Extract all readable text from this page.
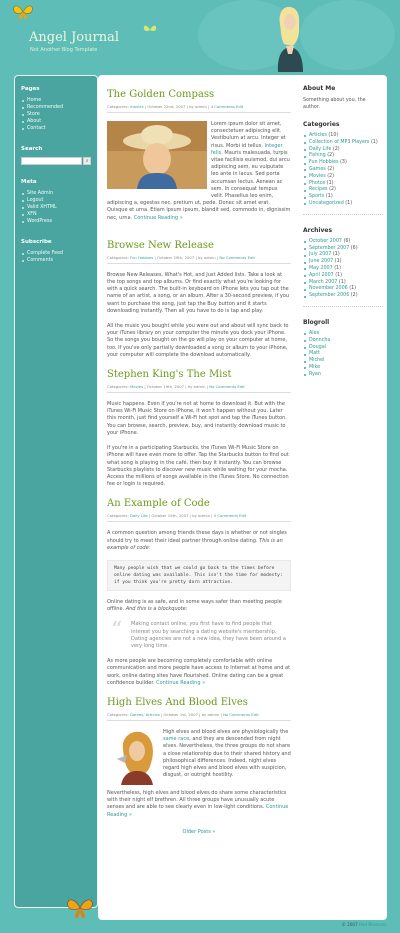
Angel Journal
Not Another Blog Template
Pages
Home
Recommended
Store
About
Contact
Search
⌕
Meta
Site Admin
Logout
Valid XHTML
XFN
WordPress
Subscribe
Complete Feed
Comments
The Golden Compass
Categories: movies | October 22nd, 2007 | by admin | 4 Comments Edit

Lorem ipsum dolor sit amet, consectetuer adipiscing elit. Vestibulum at arcu. Integer et risus. Morbi id tellus. Integer felis. Mauris malesuada, turpis vitae facilisis euismod, dui arcu adipiscing sem, eu vulputate leo ante in lacus. Sed porta accumsan lectus. Aenean ac sem. In consequat tempus velit. Phasellus leo enim, adipiscing a, egestas nec, pretium ut, pede. Donec sit amet erat. Quisque et urna. Etiam ipsum ipsum, blandit sed, commodo in, dignissim nec, urna. Continue Reading »

Browse New Release
Categories: Fun Hobbies | October 29th, 2007 | by admin | No Comments Edit

Browse New Releases, What's Hot, and Just Added lists. Take a look at the top songs and top albums. Or find exactly what you're looking for with a quick search. The built-in keyboard on iPhone lets you tap out the name of an artist, a song, or an album. After a 30-second preview, if you want to purchase the song, just tap the Buy button and it starts downloading instantly. Then all you have to do is tap and play.

All the music you bought while you were out and about will sync back to your iTunes library on your computer the minute you dock your iPhone. So the songs you bought on the go will play on your computer at home, too. If you've only partially downloaded a song or album to your iPhone, your computer will complete the download automatically.

Stephen King's The Mist
Categories: Movies | October 19th, 2007 | by admin | No Comments Edit

Music happens. Even if you're not at home to download it. But with the iTunes Wi-Fi Music Store on iPhone, it won't happen without you. Later this month, just find yourself a Wi-Fi hot spot and tap the iTunes button. You can browse, search, preview, buy, and instantly download music to your iPhone.

If you're in a participating Starbucks, the iTunes Wi-Fi Music Store on iPhone will have even more to offer. Tap the Starbucks button to find out what song is playing in the café, then buy it instantly. You can browse Starbucks playlists to discover new music while waiting for your mocha. Access the millions of songs available in the iTunes Store. No connection fee or login is required.

An Example of Code
Categories: Daily Life | October 19th, 2007 | by admin | 5 Comments Edit

A common question among friends these days is whether or not singles should try to meet their ideal partner through online dating. This is an example of code:

Many people wish that we could go back to the times before online dating was available. This isn't the time for modesty: if you think you're pretty darn attractive.

Online dating is as safe, and in some ways safer than meeting people offline. And this is a blockquote:

“ Making contact online, you first have to find people that interest you by searching a dating website's membership. Dating agencies are not a new idea, they have been around a very long time.

As more people are becoming completely comfortable with online communication and more people have access to Internet at home and at work, online dating sites have flourished. Online dating can be a great confidence builder. Continue Reading »

High Elves And Blood Elves
Categories: Games, Articles | October 1st, 2007 | by admin | No Comments Edit

High elves and blood elves are physiologically the same race, and they are descended from night elves. Nevertheless, the three groups do not share a close relationship due to their shared history and philosophical differences. Indeed, night elves regard high elves and blood elves with suspicion, disgust, or outright hostility.

Nevertheless, high elves and blood elves do share some characteristics with their night elf brethren. All three groups have unusually acute senses and are able to see clearly even in low-light conditions. Continue Reading »

Older Posts »
About Me

Something about you, the author.

Categories
Articles (10)
Collection of MP3 Players (1)
Daily Life (2)
Fishing (2)
Fun Hobbies (3)
Games (2)
Movies (2)
Photos (1)
Recipes (2)
Sports (1)
Uncategorized (1)
Archives
October 2007 (6)
September 2007 (6)
July 2007 (1)
June 2007 (1)
May 2007 (1)
April 2007 (1)
March 2007 (1)
November 2006 (1)
September 2006 (2)
Blogroll
Alex
Donncha
Dougal
Matt
Michel
Mike
Ryan
© 2007 Red Blossom
